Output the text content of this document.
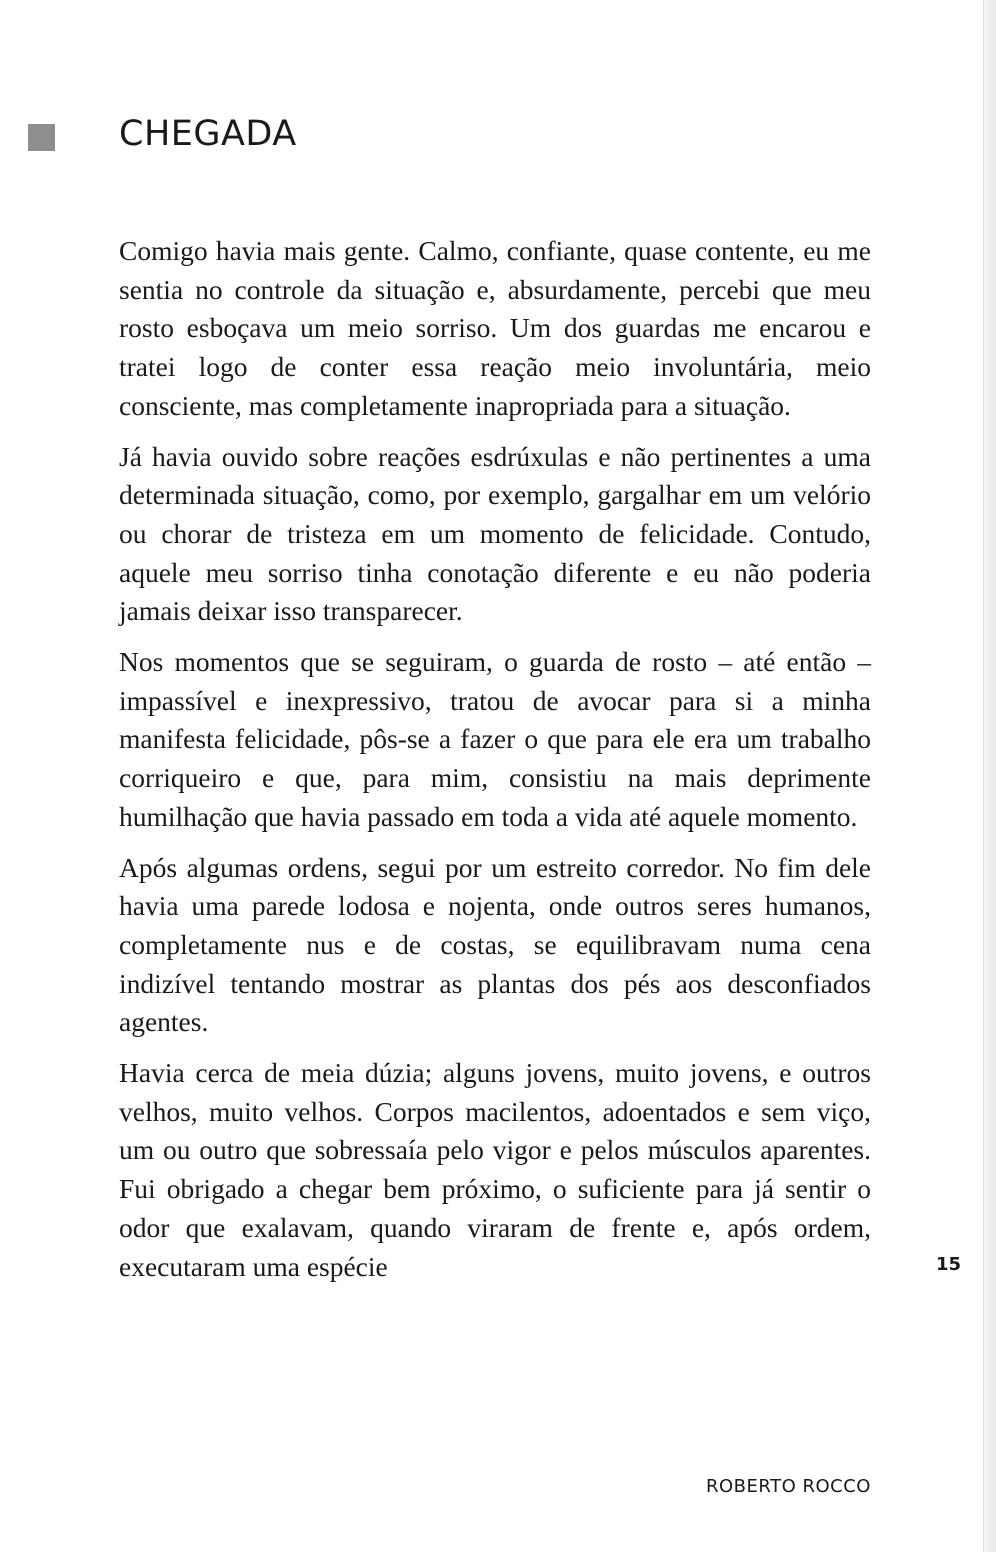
CHEGADA

Comigo havia mais gente. Calmo, confiante, quase contente, eu me sentia no controle da situação e, absurdamente, percebi que meu rosto esboçava um meio sorriso. Um dos guardas me encarou e tratei logo de conter essa reação meio involuntária, meio consciente, mas completamente inapropriada para a situação.

Já havia ouvido sobre reações esdrúxulas e não pertinentes a uma determinada situação, como, por exemplo, gargalhar em um velório ou chorar de tristeza em um momento de felicidade. Contudo, aquele meu sorriso tinha conotação diferente e eu não poderia jamais deixar isso transparecer.

Nos momentos que se seguiram, o guarda de rosto – até então – impassível e inexpressivo, tratou de avocar para si a minha manifesta felicidade, pôs-se a fazer o que para ele era um trabalho corriqueiro e que, para mim, consistiu na mais deprimente humilhação que havia passado em toda a vida até aquele momento.

Após algumas ordens, segui por um estreito corredor. No fim dele havia uma parede lodosa e nojenta, onde outros seres humanos, completamente nus e de costas, se equilibravam numa cena indizível tentando mostrar as plantas dos pés aos desconfiados agentes.

Havia cerca de meia dúzia; alguns jovens, muito jovens, e outros velhos, muito velhos. Corpos macilentos, adoentados e sem viço, um ou outro que sobressaía pelo vigor e pelos músculos aparentes. Fui obrigado a chegar bem próximo, o suficiente para já sentir o odor que exalavam, quando viraram de frente e, após ordem, executaram uma espécie	15
ROBERTO ROCCO
